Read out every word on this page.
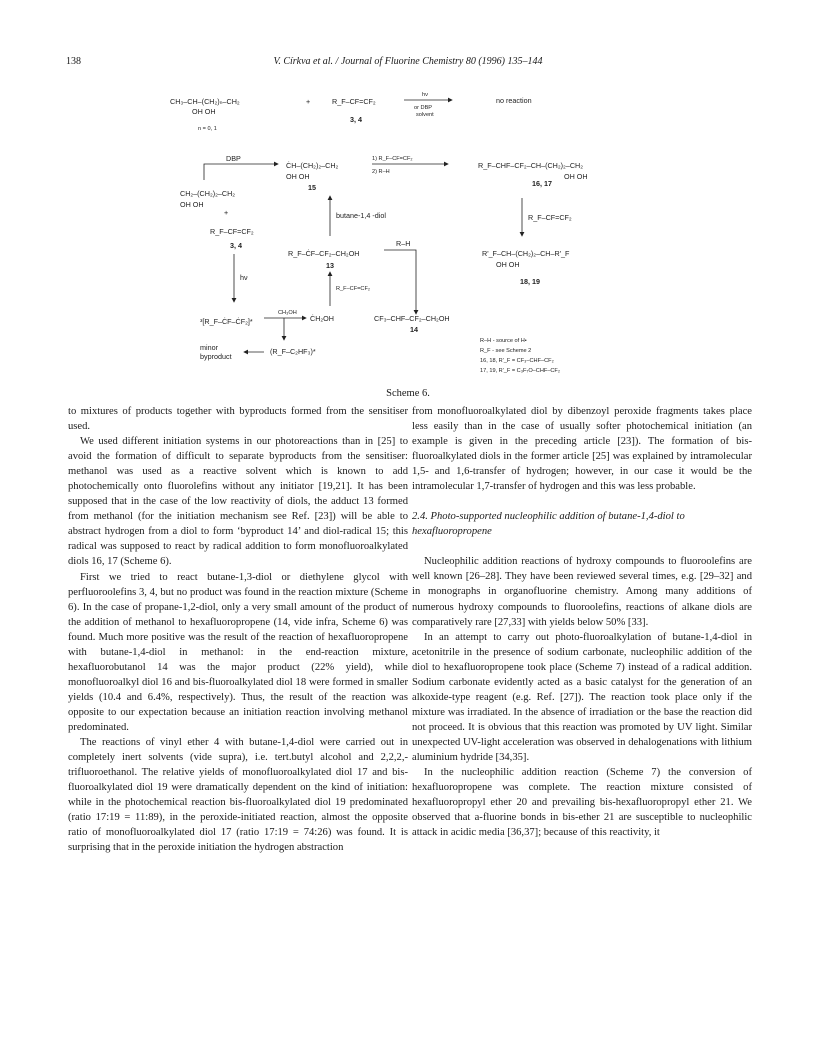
138	V. Církva et al. / Journal of Fluorine Chemistry 80 (1996) 135–144
CH₃–CH–(CH₂)ₙ–CH₂
OH OH
n = 0, 1
+	R_F–CF=CF₂
3, 4
hν
or DBP
solvent
no reaction
DBP
ĊH–(CH₂)₂–CH₂
OH OH
15
1) R_F–CF=CF₂
2) R–H
R_F–CHF–CF₂–CH–(CH₂)₂–CH₂
OH OH
16, 17
CH₂–(CH₂)₂–CH₂
OH OH
+
R_F–CF=CF₂
3, 4
butane-1,4 -diol
R_F–ĊF–CF₂–CH₂OH
13
R–H
R_F–CF=CF₂
R'_F–CH–(CH₂)₂–CH–R'_F
OH OH
18, 19
hν
R_F–CF=CF₂
³[R_F–ĊF–ĊF₂]*
CH₃OH
ĊH₂OH	CF₃–CHF–CF₂–CH₂OH
14
minor
byproduct
(R_F–C₂HF₃)*
R–H - source of H•
R_F - see Scheme 2
16, 18, R'_F = CF₃–CHF–CF₂
17, 19, R'_F = C₃F₇O–CHF–CF₂
Scheme 6.

to mixtures of products together with byproducts formed from the sensitiser used.

We used different initiation systems in our photoreactions than in [25] to avoid the formation of difficult to separate byproducts from the sensitiser: methanol was used as a reactive solvent which is known to add photochemically onto fluorolefins without any initiator [19,21]. It has been supposed that in the case of the low reactivity of diols, the adduct 13 formed from methanol (for the initiation mechanism see Ref. [23]) will be able to abstract hydrogen from a diol to form ‘byproduct 14’ and diol-radical 15; this radical was supposed to react by radical addition to form monofluoroalkylated diols 16, 17 (Scheme 6).

First we tried to react butane-1,3-diol or diethylene glycol with perfluoroolefins 3, 4, but no product was found in the reaction mixture (Scheme 6). In the case of propane-1,2-diol, only a very small amount of the product of the addition of methanol to hexafluoropropene (14, vide infra, Scheme 6) was found. Much more positive was the result of the reaction of hexafluoropropene with butane-1,4-diol in methanol: in the end-reaction mixture, hexafluorobutanol 14 was the major product (22% yield), while monofluoroalkyl diol 16 and bis-fluoroalkylated diol 18 were formed in smaller yields (10.4 and 6.4%, respectively). Thus, the result of the reaction was opposite to our expectation because an initiation reaction involving methanol predominated.

The reactions of vinyl ether 4 with butane-1,4-diol were carried out in completely inert solvents (vide supra), i.e. tert.butyl alcohol and 2,2,2,-trifluoroethanol. The relative yields of monofluoroalkylated diol 17 and bis-fluoroalkylated diol 19 were dramatically dependent on the kind of initiation: while in the photochemical reaction bis-fluoroalkylated diol 19 predominated (ratio 17:19 = 11:89), in the peroxide-initiated reaction, almost the opposite ratio of monofluoroalkylated diol 17 (ratio 17:19 = 74:26) was found. It is surprising that in the peroxide initiation the hydrogen abstraction

from monofluoroalkylated diol by dibenzoyl peroxide fragments takes place less easily than in the case of usually softer photochemical initiation (an example is given in the preceding article [23]). The formation of bis-fluoroalkylated diols in the former article [25] was explained by intramolecular 1,5- and 1,6-transfer of hydrogen; however, in our case it would be the intramolecular 1,7-transfer of hydrogen and this was less probable.

2.4. Photo-supported nucleophilic addition of butane-1,4-diol to hexafluoropropene

Nucleophilic addition reactions of hydroxy compounds to fluoroolefins are well known [26–28]. They have been reviewed several times, e.g. [29–32] and in monographs in organofluorine chemistry. Among many additions of numerous hydroxy compounds to fluoroolefins, reactions of alkane diols are comparatively rare [27,33] with yields below 50% [33].

In an attempt to carry out photo-fluoroalkylation of butane-1,4-diol in acetonitrile in the presence of sodium carbonate, nucleophilic addition of the diol to hexafluoropropene took place (Scheme 7) instead of a radical addition. Sodium carbonate evidently acted as a basic catalyst for the generation of an alkoxide-type reagent (e.g. Ref. [27]). The reaction took place only if the mixture was irradiated. In the absence of irradiation or the base the reaction did not proceed. It is obvious that this reaction was promoted by UV light. Similar unexpected UV-light acceleration was observed in dehalogenations with lithium aluminium hydride [34,35].

In the nucleophilic addition reaction (Scheme 7) the conversion of hexafluoropropene was complete. The reaction mixture consisted of hexafluoropropyl ether 20 and prevailing bis-hexafluoropropyl ether 21. We observed that a-fluorine bonds in bis-ether 21 are susceptible to nucleophilic attack in acidic media [36,37]; because of this reactivity, it
